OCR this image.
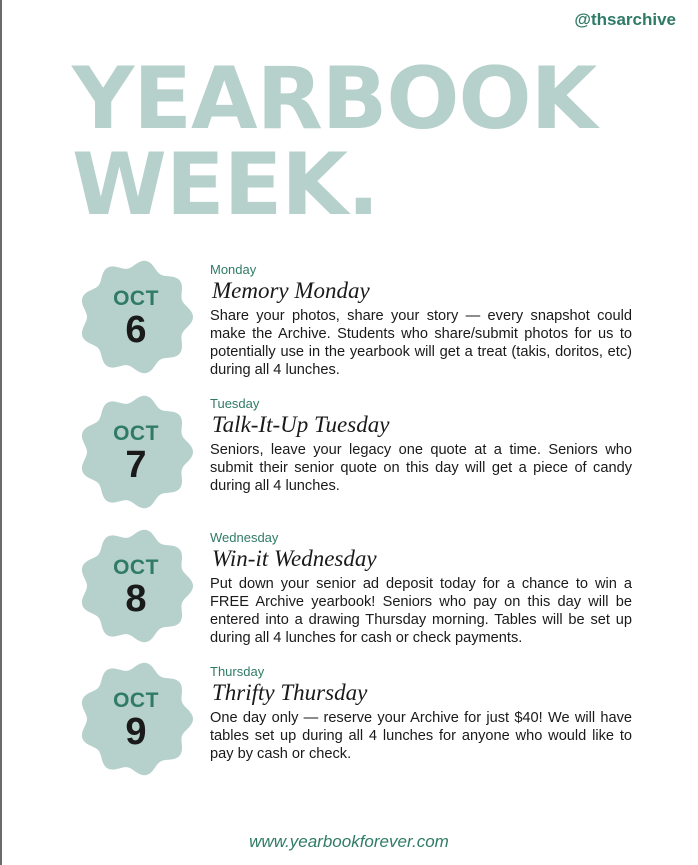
@thsarchive
YEARBOOK
WEEK.
OCT
6
Monday
Memory Monday
Share your photos, share your story — every snapshot could make the Archive. Students who share/submit photos for us to potentially use in the yearbook will get a treat (takis, doritos, etc) during all 4 lunches.
OCT
7
Tuesday
Talk-It-Up Tuesday
Seniors, leave your legacy one quote at a time. Seniors who submit their senior quote on this day will get a piece of candy during all 4 lunches.
OCT
8
Wednesday
Win-it Wednesday
Put down your senior ad deposit today for a chance to win a FREE Archive yearbook! Seniors who pay on this day will be entered into a drawing Thursday morning. Tables will be set up during all 4 lunches for cash or check payments.
OCT
9
Thursday
Thrifty Thursday
One day only — reserve your Archive for just $40! We will have tables set up during all 4 lunches for anyone who would like to pay by cash or check.
www.yearbookforever.com
